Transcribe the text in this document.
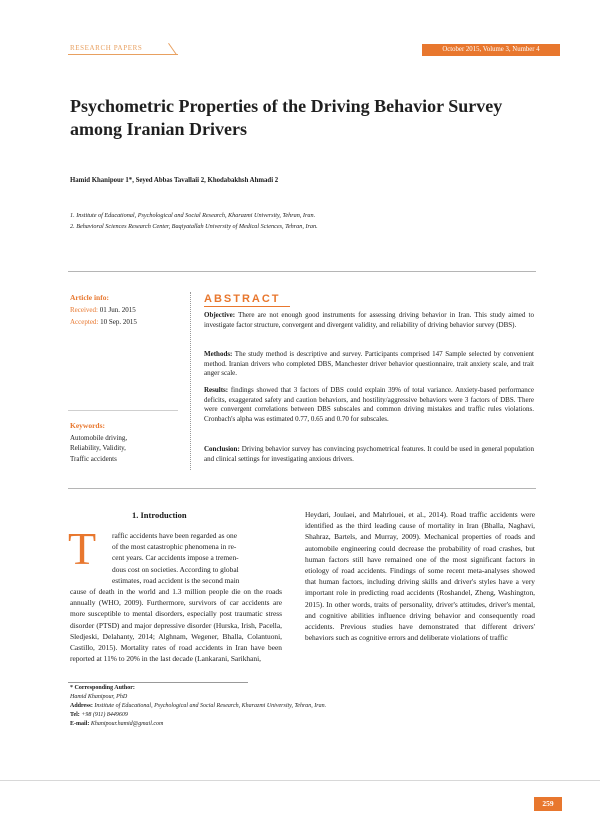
RESEARCH PAPERS	October 2015, Volume 3, Number 4
Psychometric Properties of the Driving Behavior Survey
among Iranian Drivers
Hamid Khanipour 1*, Seyed Abbas Tavallaii 2, Khodabakhsh Ahmadi 2
1. Institute of Educational, Psychological and Social Research, Kharazmi University, Tehran, Iran.
2. Behavioral Sciences Research Center, Baqiyatallah University of Medical Sciences, Tehran, Iran.
Article info:
Received: 01 Jun. 2015
Accepted: 10 Sep. 2015
Keywords:
Automobile driving,
Reliability, Validity,
Traffic accidents
ABSTRACT
Objective: There are not enough good instruments for assessing driving behavior in Iran. This study aimed to investigate factor structure, convergent and divergent validity, and reliability of driving behavior survey (DBS).
Methods: The study method is descriptive and survey. Participants comprised 147 Sample selected by convenient method. Iranian drivers who completed DBS, Manchester driver behavior questionnaire, trait anxiety scale, and trait anger scale.
Results: findings showed that 3 factors of DBS could explain 39% of total variance. Anxiety-based performance deficits, exaggerated safety and caution behaviors, and hostility/aggressive behaviors were 3 factors of DBS. There were convergent correlations between DBS subscales and common driving mistakes and traffic rules violations. Cronbach's alpha was estimated 0.77, 0.65 and 0.70 for subscales.
Conclusion: Driving behavior survey has convincing psychometrical features. It could be used in general population and clinical settings for investigating anxious drivers.
1. Introduction
T raffic accidents have been regarded as one
of the most catastrophic phenomena in re-
cent years. Car accidents impose a tremen-
dous cost on societies. According to global
estimates, road accident is the second main
cause of death in the world and 1.3 million people die on the roads annually (WHO, 2009). Furthermore, survivors of car accidents are more susceptible to mental disorders, especially post traumatic stress disorder (PTSD) and major depressive disorder (Hurska, Irish, Pacella, Sledjeski, Delahanty, 2014; Alghnam, Wegener, Bhalla, Colantuoni, Castillo, 2015). Mortality rates of road accidents in Iran have been reported at 11% to 20% in the last decade (Lankarani, Sarikhani,
Heydari, Joulaei, and Mahrlouei, et al., 2014). Road traffic accidents were identified as the third leading cause of mortality in Iran (Bhalla, Naghavi, Shahraz, Bartels, and Murray, 2009). Mechanical properties of roads and automobile engineering could decrease the probability of road crashes, but human factors still have remained one of the most significant factors in etiology of road accidents. Findings of some recent meta-analyses showed that human factors, including driving skills and driver's styles have a very important role in predicting road accidents (Roshandel, Zheng, Washington, 2015). In other words, traits of personality, driver's attitudes, driver's mental, and cognitive abilities influence driving behavior and consequently road accidents. Previous studies have demonstrated that different drivers' behaviors such as cognitive errors and deliberate violations of traffic
* Corresponding Author:
Hamid Khanipour, PhD
Address: Institute of Educational, Psychological and Social Research, Kharazmi University, Tehran, Iran.
Tel: +98 (911) 8449609
E-mail: Khanipour.hamid@gmail.com
259
